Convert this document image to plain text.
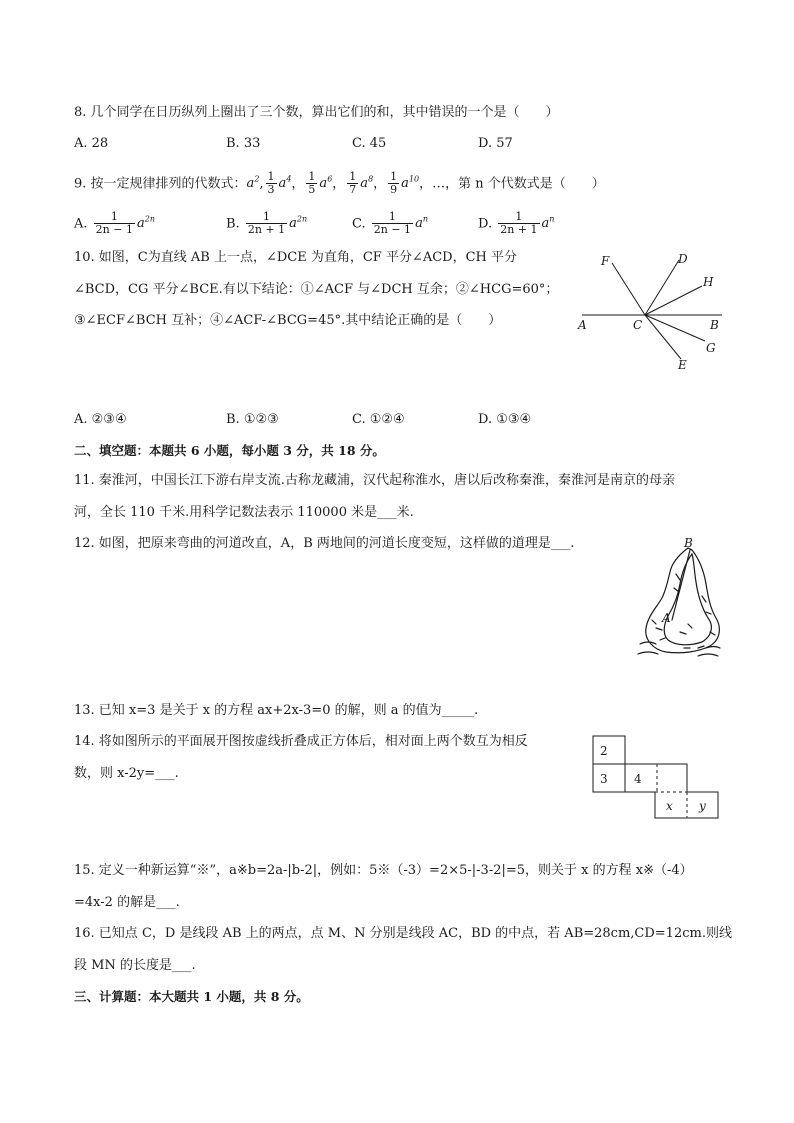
8. 几个同学在日历纵列上圈出了三个数，算出它们的和，其中错误的一个是（　　）
A. 28	B. 33	C. 45	D. 57
9. 按一定规律排列的代数式：$a^2$, $\frac{1}{3} a^4$， $\frac{1}{5} a^6$， $\frac{1}{7} a^8$， $\frac{1}{9} a^{10}$，…，第 n 个代数式是（　　）
A. $\frac{1}{2n - 1} a^{2n}$	B. $\frac{1}{2n + 1} a^{2n}$	C. $\frac{1}{2n - 1} a^n$	D. $\frac{1}{2n + 1} a^n$
10. 如图，C为直线 AB 上一点，∠DCE 为直角，CF 平分∠ACD，CH 平分
∠BCD，CG 平分∠BCE.有以下结论：①∠ACF 与∠DCH 互余；②∠HCG=60°；
③∠ECF∠BCH 互补；④∠ACF-∠BCG=45°.其中结论正确的是（　　）
F	D
H
A	C	B
G
E
A. ②③④	B. ①②③	C. ①②④	D. ①③④
二、填空题：本题共 6 小题，每小题 3 分，共 18 分。
11. 秦淮河，中国长江下游右岸支流.古称龙藏浦，汉代起称淮水，唐以后改称秦淮，秦淮河是南京的母亲
河，全长 110 千米.用科学记数法表示 110000 米是___米.
12. 如图，把原来弯曲的河道改直，A，B 两地间的河道长度变短，这样做的道理是___.	B
A
13. 已知 x=3 是关于 x 的方程 ax+2x-3=0 的解，则 a 的值为_____.
14. 将如图所示的平面展开图按虚线折叠成正方体后，相对面上两个数互为相反
数，则 x-2y=___.
2
3 4
x y
15. 定义一种新运算“※”，a※b=2a-|b-2|，例如：5※（-3）=2×5-|-3-2|=5，则关于 x 的方程 x※（-4）
=4x-2 的解是___.
16. 已知点 C，D 是线段 AB 上的两点，点 M、N 分别是线段 AC，BD 的中点，若 AB=28cm,CD=12cm.则线
段 MN 的长度是___.
三、计算题：本大题共 1 小题，共 8 分。
